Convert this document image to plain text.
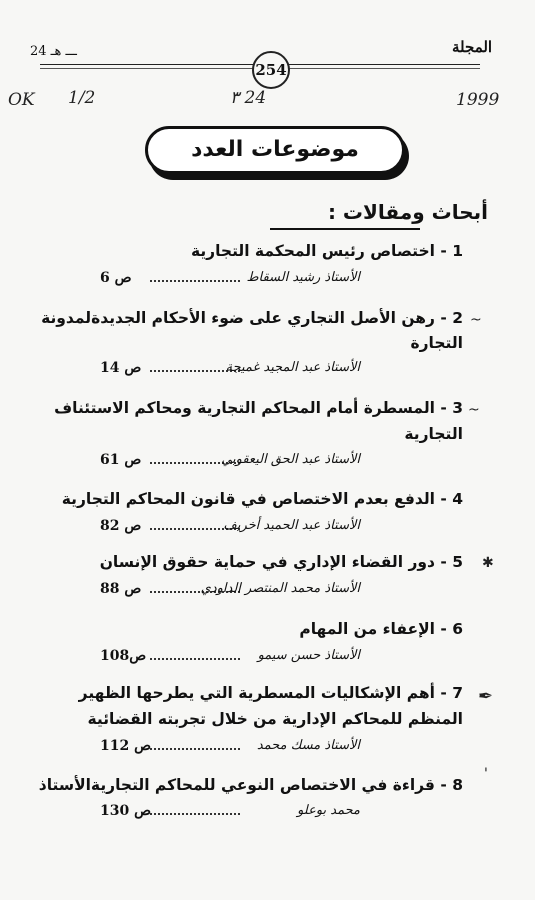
ـــ هـ 24	المجلة
254
OK 1/2	٣ 24	1999
موضوعات العدد
أبحاث ومقالات :
1 - اختصاص رئيس المحكمة التجارية
ص 6	الأستاذ رشيد السقاط
2 - رهن الأصل التجاري على ضوء الأحكام الجديدةلمدونة
التجارة
ص 14	الأستاذ عبد المجيد غميجة
~
3 - المسطرة أمام المحاكم التجارية ومحاكم الاستئناف
التجارية
ص 61	الأستاذ عبد الحق اليعقوبي
~
4 - الدفع بعدم الاختصاص في قانون المحاكم التجارية
ص 82	الأستاذ عبد الحميد أخريف
5 - دور القضاء الإداري في حماية حقوق الإنسان
ص 88	الأستاذ محمد المنتصر الداودي
✱
6 - الإعفاء من المهام
ص108	الأستاذ حسن سيمو
7 - أهم الإشكاليات المسطرية التي يطرحها الظهير
المنظم للمحاكم الإدارية من خلال تجربته القضائية
ص 112	الأستاذ مسك محمد
✒
8 - قراءة في الاختصاص النوعي للمحاكم التجاريةالأستاذ
ص 130	محمد بوعلو
'
